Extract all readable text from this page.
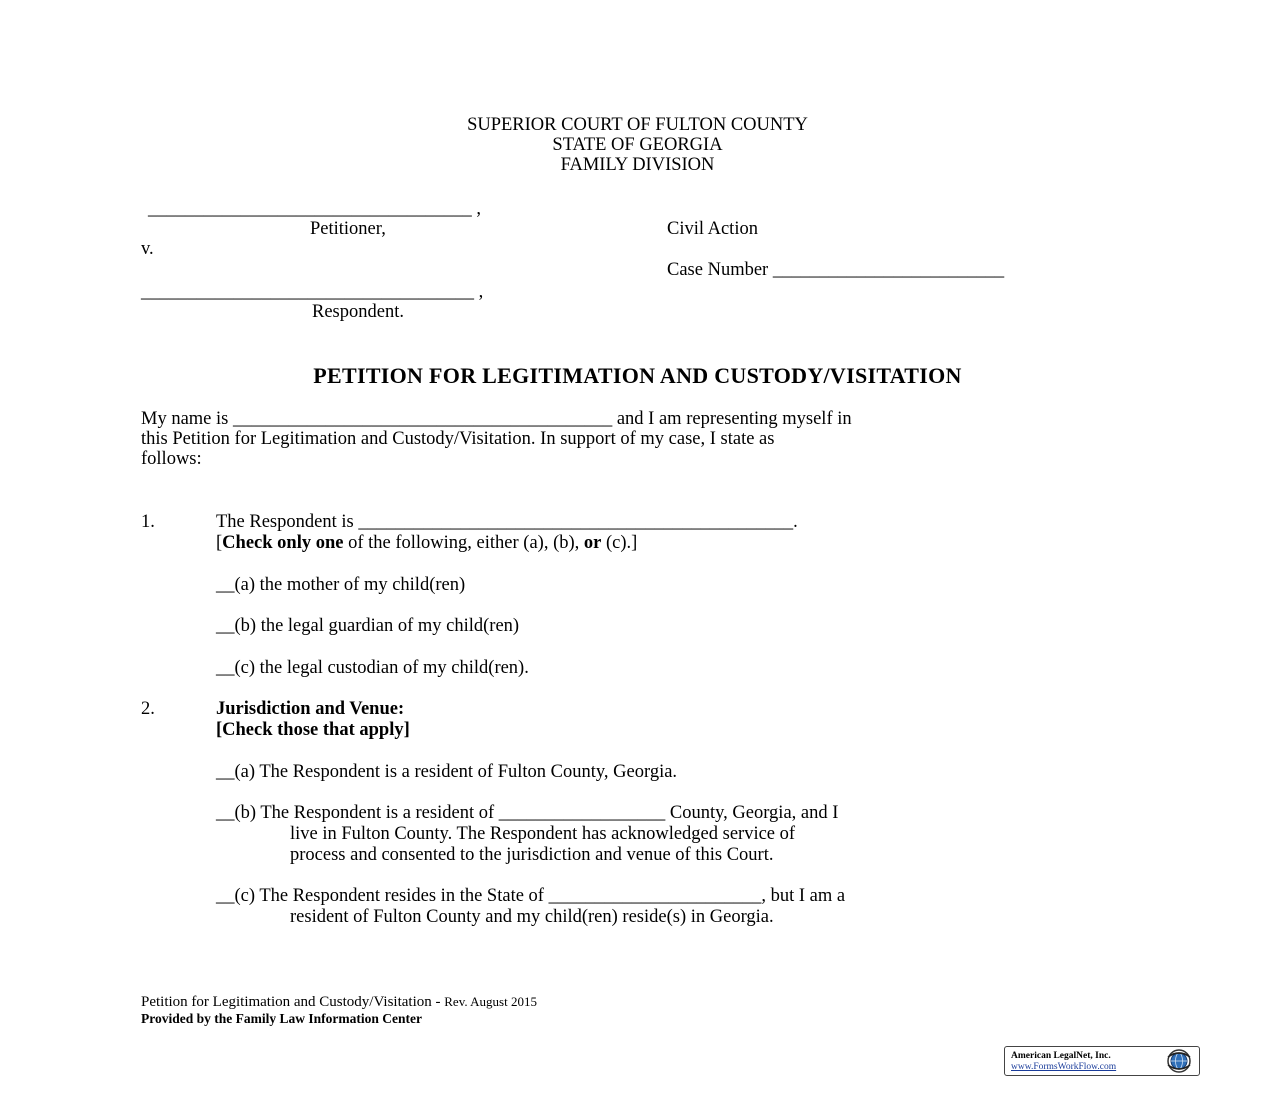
SUPERIOR COURT OF FULTON COUNTY
STATE OF GEORGIA
FAMILY DIVISION
___________________________________ ,
Petitioner,	Civil Action
v.
Case Number _________________________
____________________________________ ,
Respondent.
PETITION FOR LEGITIMATION AND CUSTODY/VISITATION
My name is _________________________________________ and I am representing myself in
this Petition for Legitimation and Custody/Visitation. In support of my case, I state as
follows:
1.	The Respondent is _______________________________________________.
[Check only one of the following, either (a), (b), or (c).]
__(a) the mother of my child(ren)
__(b) the legal guardian of my child(ren)
__(c) the legal custodian of my child(ren).
2.	Jurisdiction and Venue:
[Check those that apply]
__(a) The Respondent is a resident of Fulton County, Georgia.
__(b) The Respondent is a resident of __________________ County, Georgia, and I
live in Fulton County. The Respondent has acknowledged service of
process and consented to the jurisdiction and venue of this Court.
__(c) The Respondent resides in the State of _______________________, but I am a
resident of Fulton County and my child(ren) reside(s) in Georgia.
Petition for Legitimation and Custody/Visitation - Rev. August 2015
Provided by the Family Law Information Center
American LegalNet, Inc.
www.FormsWorkFlow.com
